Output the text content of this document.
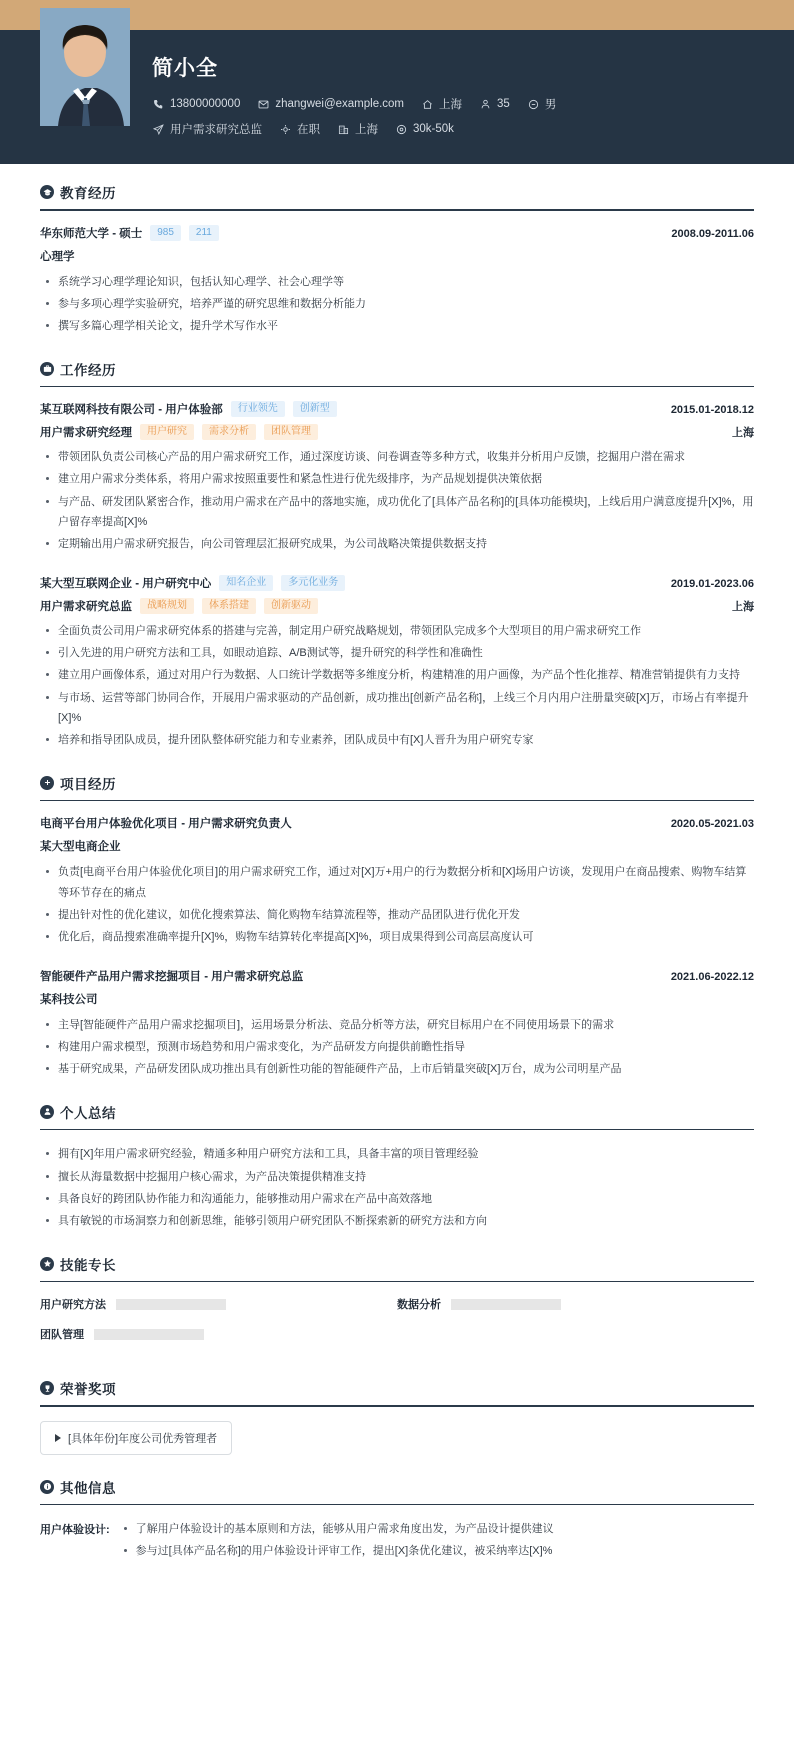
简小全
13800000000	zhangwei@example.com	上海	35	男
用户需求研究总监	在职	上海	30k-50k
教育经历
华东师范大学 - 硕士	985	211	2008.09-2011.06
心理学
系统学习心理学理论知识，包括认知心理学、社会心理学等
参与多项心理学实验研究，培养严谨的研究思维和数据分析能力
撰写多篇心理学相关论文，提升学术写作水平
工作经历
某互联网科技有限公司 - 用户体验部	行业领先	创新型	2015.01-2018.12
用户需求研究经理	用户研究	需求分析	团队管理	上海
带领团队负责公司核心产品的用户需求研究工作，通过深度访谈、问卷调查等多种方式，收集并分析用户反馈，挖掘用户潜在需求
建立用户需求分类体系，将用户需求按照重要性和紧急性进行优先级排序，为产品规划提供决策依据
与产品、研发团队紧密合作，推动用户需求在产品中的落地实施，成功优化了[具体产品名称]的[具体功能模块]，上线后用户满意度提升[X]%，用户留存率提高[X]%
定期输出用户需求研究报告，向公司管理层汇报研究成果，为公司战略决策提供数据支持
某大型互联网企业 - 用户研究中心	知名企业	多元化业务	2019.01-2023.06
用户需求研究总监	战略规划	体系搭建	创新驱动	上海
全面负责公司用户需求研究体系的搭建与完善，制定用户研究战略规划，带领团队完成多个大型项目的用户需求研究工作
引入先进的用户研究方法和工具，如眼动追踪、A/B测试等，提升研究的科学性和准确性
建立用户画像体系，通过对用户行为数据、人口统计学数据等多维度分析，构建精准的用户画像，为产品个性化推荐、精准营销提供有力支持
与市场、运营等部门协同合作，开展用户需求驱动的产品创新，成功推出[创新产品名称]，上线三个月内用户注册量突破[X]万，市场占有率提升[X]%
培养和指导团队成员，提升团队整体研究能力和专业素养，团队成员中有[X]人晋升为用户研究专家
项目经历
电商平台用户体验优化项目 - 用户需求研究负责人	2020.05-2021.03
某大型电商企业
负责[电商平台用户体验优化项目]的用户需求研究工作，通过对[X]万+用户的行为数据分析和[X]场用户访谈，发现用户在商品搜索、购物车结算等环节存在的痛点
提出针对性的优化建议，如优化搜索算法、简化购物车结算流程等，推动产品团队进行优化开发
优化后，商品搜索准确率提升[X]%，购物车结算转化率提高[X]%，项目成果得到公司高层高度认可
智能硬件产品用户需求挖掘项目 - 用户需求研究总监	2021.06-2022.12
某科技公司
主导[智能硬件产品用户需求挖掘项目]，运用场景分析法、竞品分析等方法，研究目标用户在不同使用场景下的需求
构建用户需求模型，预测市场趋势和用户需求变化，为产品研发方向提供前瞻性指导
基于研究成果，产品研发团队成功推出具有创新性功能的智能硬件产品，上市后销量突破[X]万台，成为公司明星产品
个人总结
拥有[X]年用户需求研究经验，精通多种用户研究方法和工具，具备丰富的项目管理经验
擅长从海量数据中挖掘用户核心需求，为产品决策提供精准支持
具备良好的跨团队协作能力和沟通能力，能够推动用户需求在产品中高效落地
具有敏锐的市场洞察力和创新思维，能够引领用户研究团队不断探索新的研究方法和方向
技能专长
用户研究方法	数据分析
团队管理
荣誉奖项
[具体年份]年度公司优秀管理者
其他信息
用户体验设计:	了解用户体验设计的基本原则和方法，能够从用户需求角度出发，为产品设计提供建议
参与过[具体产品名称]的用户体验设计评审工作，提出[X]条优化建议，被采纳率达[X]%
